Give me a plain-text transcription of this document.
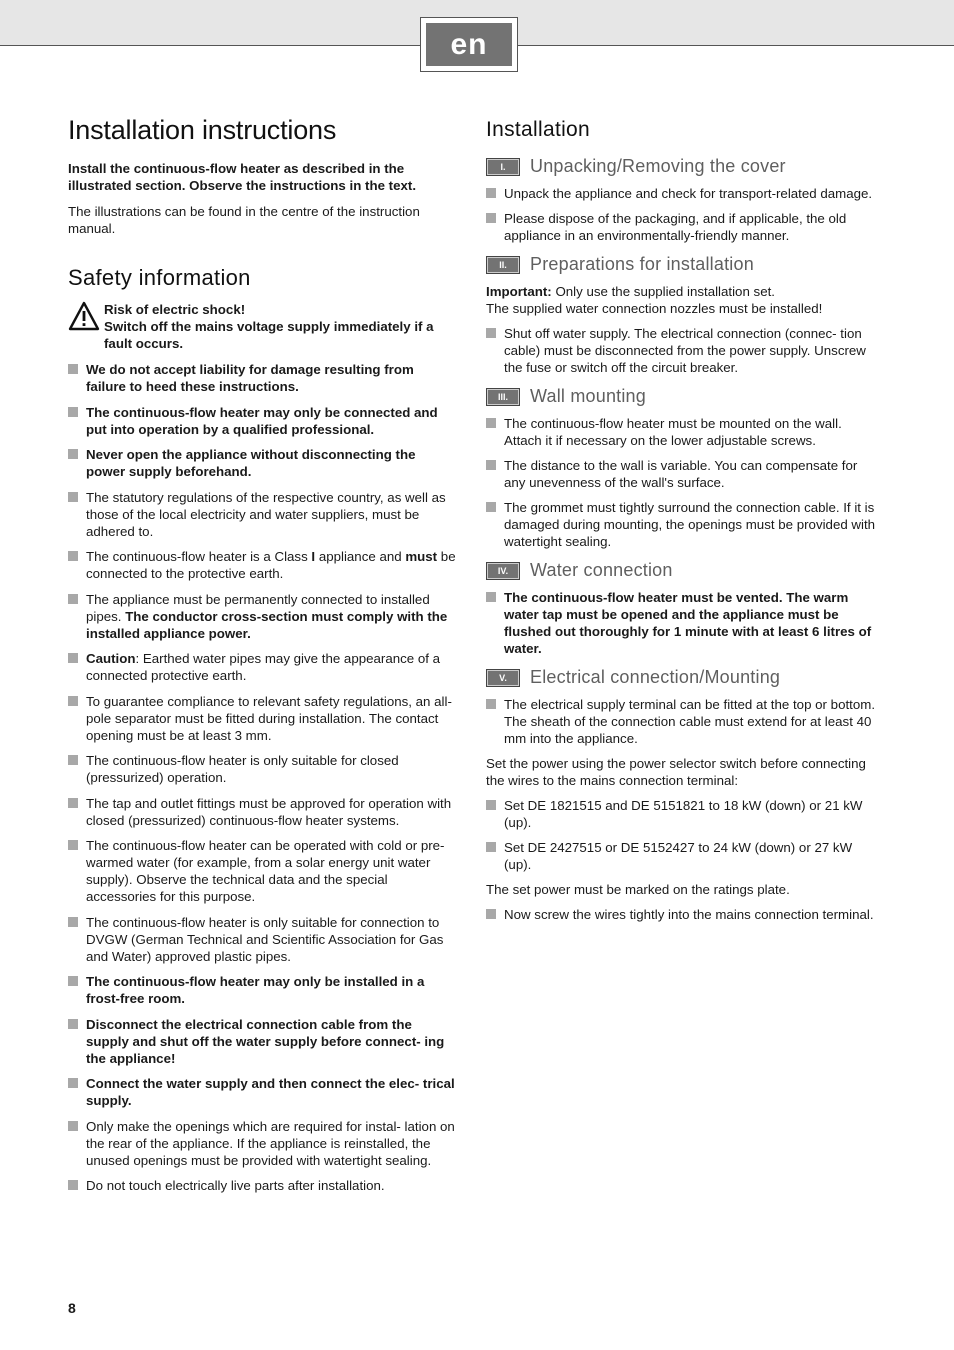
en
Installation instructions

Install the continuous-flow heater as described in the illustrated section. Observe the instructions in the text.

The illustrations can be found in the centre of the instruction manual.

Safety information
Risk of electric shock!
Switch off the mains voltage supply immediately if a fault occurs.
We do not accept liability for damage resulting from failure to heed these instructions.
The continuous-flow heater may only be connected and put into operation by a qualified professional.
Never open the appliance without disconnecting the power supply beforehand.
The statutory regulations of the respective country, as well as those of the local electricity and water suppliers, must be adhered to.
The continuous-flow heater is a Class I appliance and must be connected to the protective earth.
The appliance must be permanently connected to installed pipes. The conductor cross-section must comply with the installed appliance power.
Caution: Earthed water pipes may give the appearance of a connected protective earth.
To guarantee compliance to relevant safety regulations, an all-pole separator must be fitted during installation. The contact opening must be at least 3 mm.
The continuous-flow heater is only suitable for closed (pressurized) operation.
The tap and outlet fittings must be approved for operation with closed (pressurized) continuous-flow heater systems.
The continuous-flow heater can be operated with cold or pre-warmed water (for example, from a solar energy unit water supply). Observe the technical data and the special accessories for this purpose.
The continuous-flow heater is only suitable for connection to DVGW (German Technical and Scientific Association for Gas and Water) approved plastic pipes.
The continuous-flow heater may only be installed in a frost-free room.
Disconnect the electrical connection cable from the supply and shut off the water supply before connect- ing the appliance!
Connect the water supply and then connect the elec- trical supply.
Only make the openings which are required for instal- lation on the rear of the appliance. If the appliance is reinstalled, the unused openings must be provided with watertight sealing.
Do not touch electrically live parts after installation.
Installation
I.	Unpacking/Removing the cover
Unpack the appliance and check for transport-related damage.
Please dispose of the packaging, and if applicable, the old appliance in an environmentally-friendly manner.
II.	Preparations for installation

Important: Only use the supplied installation set.
The supplied water connection nozzles must be installed!

Shut off water supply. The electrical connection (connec- tion cable) must be disconnected from the power supply. Unscrew the fuse or switch off the circuit breaker.
III.	Wall mounting
The continuous-flow heater must be mounted on the wall. Attach it if necessary on the lower adjustable screws.
The distance to the wall is variable. You can compensate for any unevenness of the wall's surface.
The grommet must tightly surround the connection cable. If it is damaged during mounting, the openings must be provided with watertight sealing.
IV.	Water connection
The continuous-flow heater must be vented. The warm water tap must be opened and the appliance must be flushed out thoroughly for 1 minute with at least 6 litres of water.
V.	Electrical connection/Mounting
The electrical supply terminal can be fitted at the top or bottom. The sheath of the connection cable must extend for at least 40 mm into the appliance.

Set the power using the power selector switch before connecting the wires to the mains connection terminal:

Set DE 1821515 and DE 5151821 to 18 kW (down) or 21 kW (up).
Set DE 2427515 or DE 5152427 to 24 kW (down) or 27 kW (up).

The set power must be marked on the ratings plate.

Now screw the wires tightly into the mains connection terminal.
8
